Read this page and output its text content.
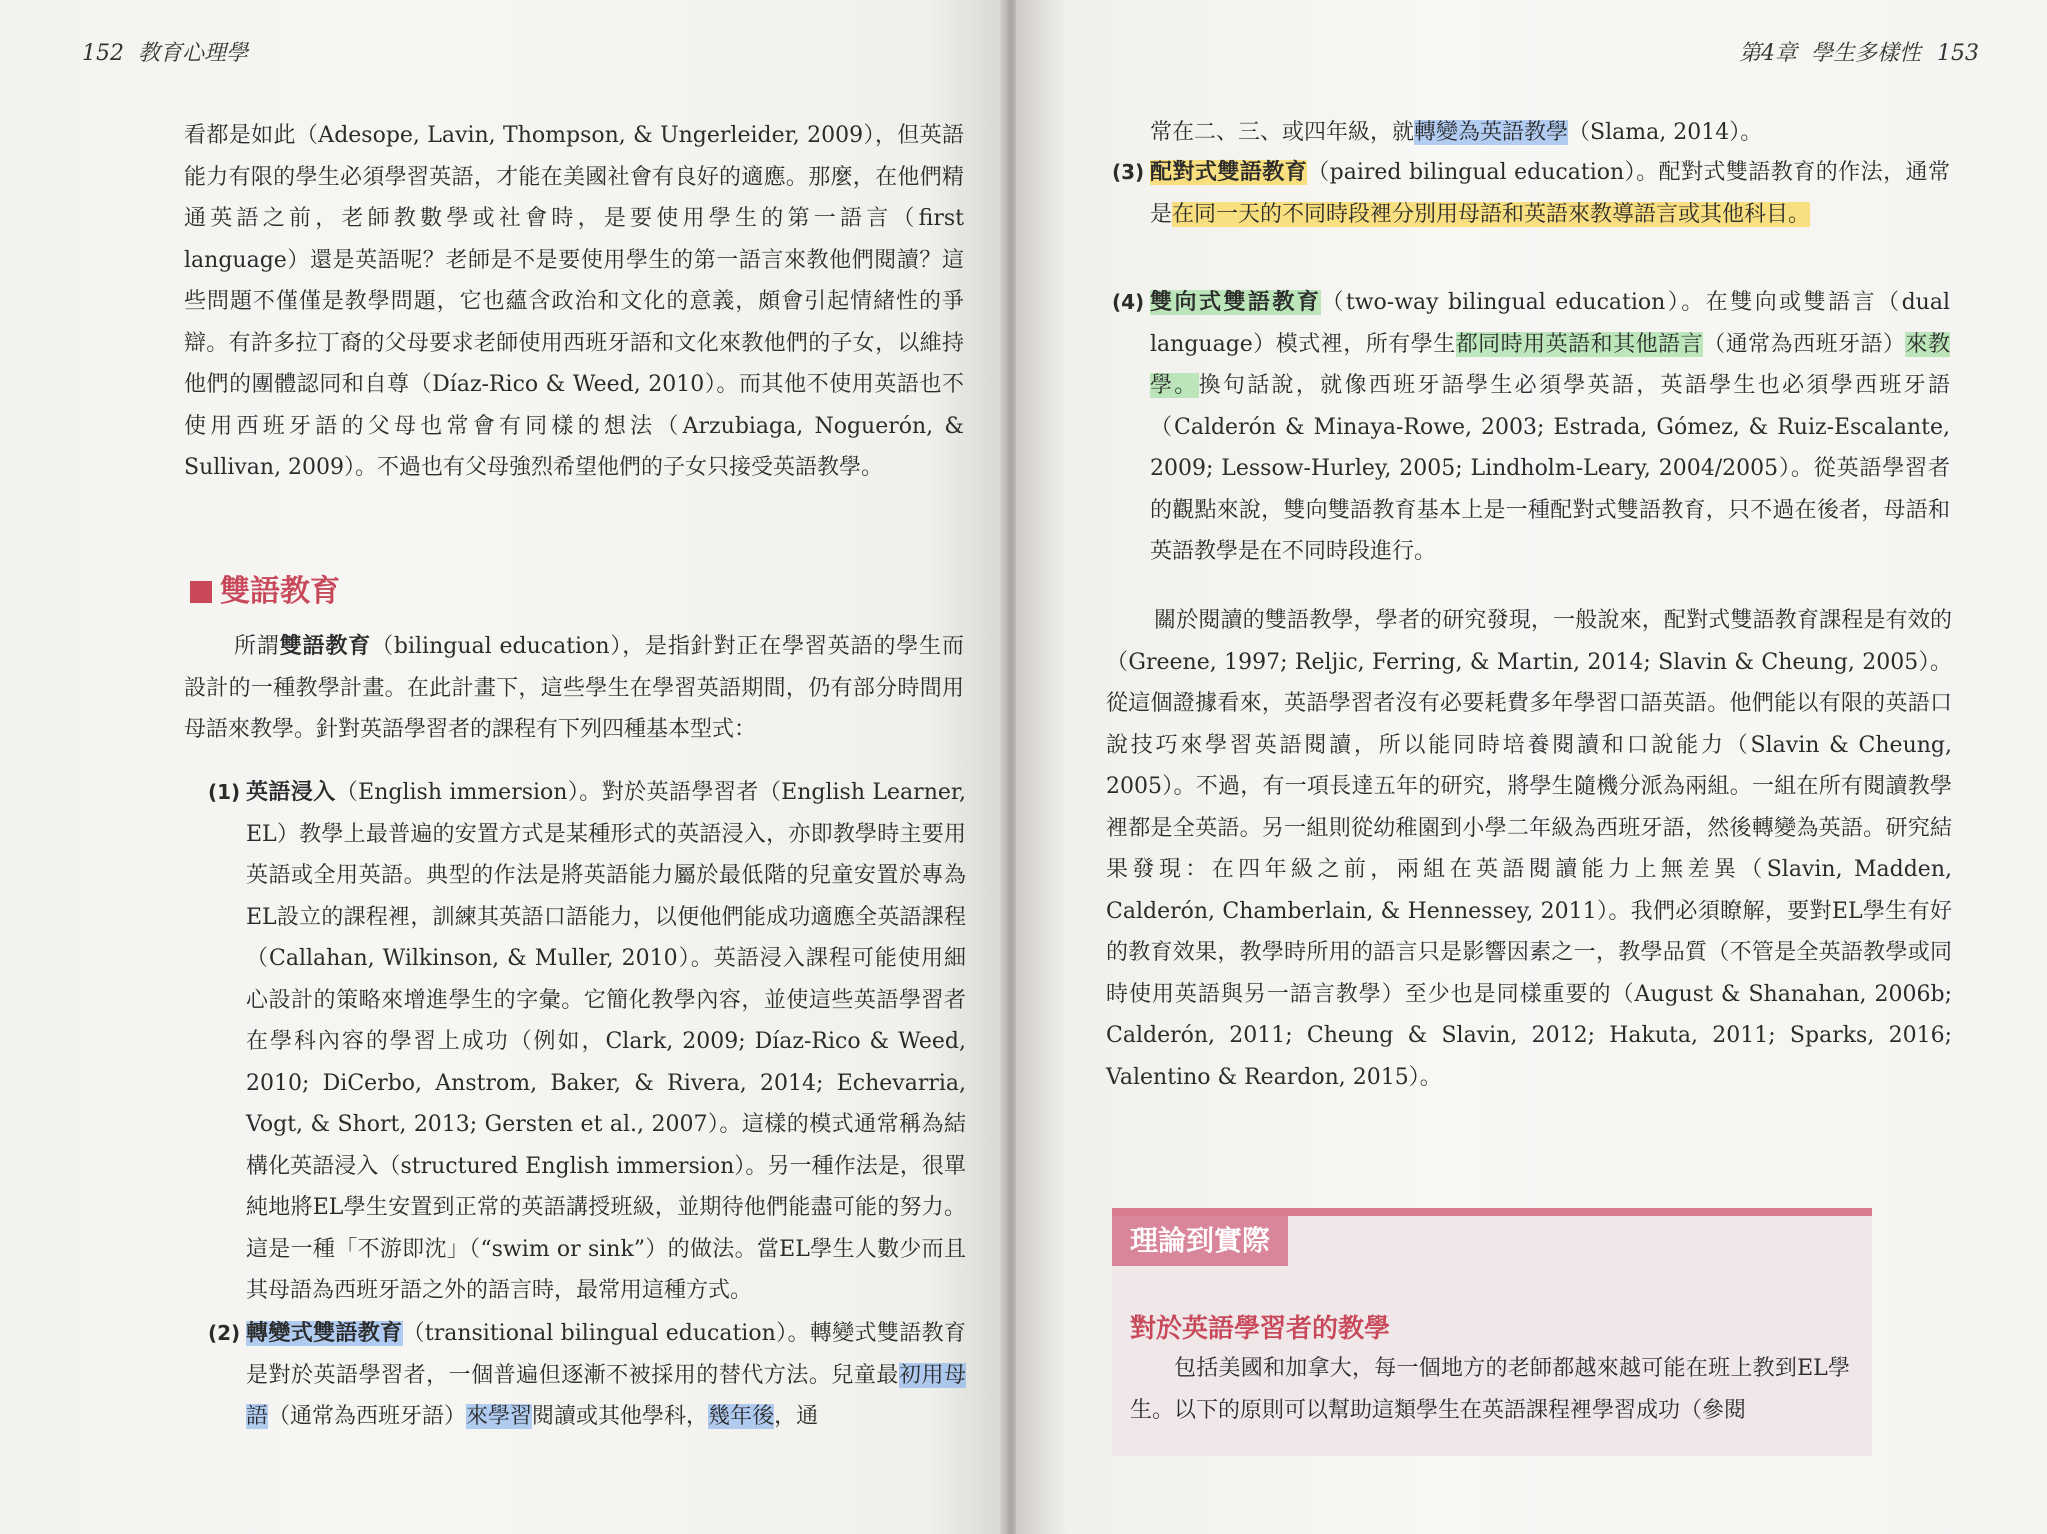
152 教育心理學

看都是如此（Adesope, Lavin, Thompson, & Ungerleider, 2009），但英語能力有限的學生必須學習英語，才能在美國社會有良好的適應。那麼，在他們精通英語之前，老師教數學或社會時，是要使用學生的第一語言（first language）還是英語呢？老師是不是要使用學生的第一語言來教他們閱讀？這些問題不僅僅是教學問題，它也蘊含政治和文化的意義，頗會引起情緒性的爭辯。有許多拉丁裔的父母要求老師使用西班牙語和文化來教他們的子女，以維持他們的團體認同和自尊（Díaz-Rico & Weed, 2010）。而其他不使用英語也不使用西班牙語的父母也常會有同樣的想法（Arzubiaga, Noguerón, & Sullivan, 2009）。不過也有父母強烈希望他們的子女只接受英語教學。

雙語教育
所謂雙語教育（bilingual education），是指針對正在學習英語的學生而設計的一種教學計畫。在此計畫下，這些學生在學習英語期間，仍有部分時間用母語來教學。針對英語學習者的課程有下列四種基本型式：
(1) 英語浸入（English immersion）。對於英語學習者（English Learner, EL）教學上最普遍的安置方式是某種形式的英語浸入，亦即教學時主要用英語或全用英語。典型的作法是將英語能力屬於最低階的兒童安置於專為EL設立的課程裡，訓練其英語口語能力，以便他們能成功適應全英語課程（Callahan, Wilkinson, & Muller, 2010）。英語浸入課程可能使用細心設計的策略來增進學生的字彙。它簡化教學內容，並使這些英語學習者在學科內容的學習上成功（例如，Clark, 2009; Díaz-Rico & Weed, 2010; DiCerbo, Anstrom, Baker, & Rivera, 2014; Echevarria, Vogt, & Short, 2013; Gersten et al., 2007）。這樣的模式通常稱為結構化英語浸入（structured English immersion）。另一種作法是，很單純地將EL學生安置到正常的英語講授班級，並期待他們能盡可能的努力。這是一種「不游即沈」（“swim or sink”）的做法。當EL學生人數少而且其母語為西班牙語之外的語言時，最常用這種方式。
(2) 轉變式雙語教育（transitional bilingual education）。轉變式雙語教育是對於英語學習者，一個普遍但逐漸不被採用的替代方法。兒童最初用母語（通常為西班牙語）來學習閱讀或其他學科，幾年後，通
第4章 學生多樣性 153
常在二、三、或四年級，就轉變為英語教學（Slama, 2014）。
(3) 配對式雙語教育（paired bilingual education）。配對式雙語教育的作法，通常是在同一天的不同時段裡分別用母語和英語來教導語言或其他科目。
(4) 雙向式雙語教育（two-way bilingual education）。在雙向或雙語言（dual language）模式裡，所有學生都同時用英語和其他語言（通常為西班牙語）來教學。換句話說，就像西班牙語學生必須學英語，英語學生也必須學西班牙語（Calderón & Minaya-Rowe, 2003; Estrada, Gómez, & Ruiz-Escalante, 2009; Lessow-Hurley, 2005; Lindholm-Leary, 2004/2005）。從英語學習者的觀點來說，雙向雙語教育基本上是一種配對式雙語教育，只不過在後者，母語和英語教學是在不同時段進行。

關於閱讀的雙語教學，學者的研究發現，一般說來，配對式雙語教育課程是有效的（Greene, 1997; Reljic, Ferring, & Martin, 2014; Slavin & Cheung, 2005）。從這個證據看來，英語學習者沒有必要耗費多年學習口語英語。他們能以有限的英語口說技巧來學習英語閱讀，所以能同時培養閱讀和口說能力（Slavin & Cheung, 2005）。不過，有一項長達五年的研究，將學生隨機分派為兩組。一組在所有閱讀教學裡都是全英語。另一組則從幼稚園到小學二年級為西班牙語，然後轉變為英語。研究結果發現：在四年級之前，兩組在英語閱讀能力上無差異（Slavin, Madden, Calderón, Chamberlain, & Hennessey, 2011）。我們必須瞭解，要對EL學生有好的教育效果，教學時所用的語言只是影響因素之一，教學品質（不管是全英語教學或同時使用英語與另一語言教學）至少也是同樣重要的（August & Shanahan, 2006b; Calderón, 2011; Cheung & Slavin, 2012; Hakuta, 2011; Sparks, 2016; Valentino & Reardon, 2015）。

理論到實際
對於英語學習者的教學
包括美國和加拿大，每一個地方的老師都越來越可能在班上教到EL學生。以下的原則可以幫助這類學生在英語課程裡學習成功（參閱
